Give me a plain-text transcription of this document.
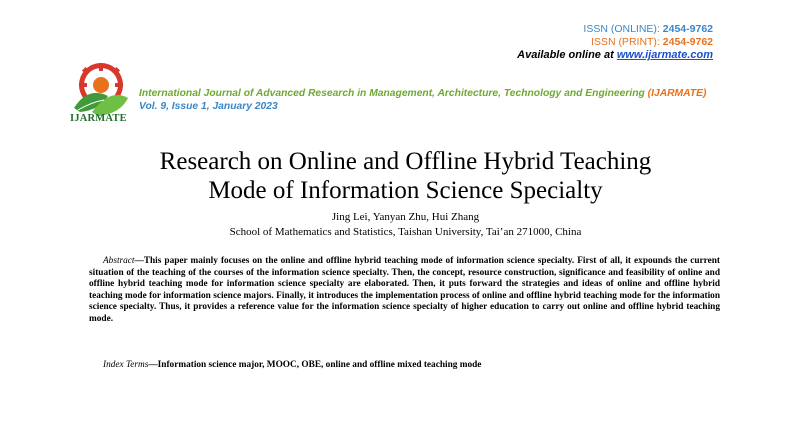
ISSN (ONLINE): 2454-9762
ISSN (PRINT): 2454-9762
Available online at www.ijarmate.com
IJARMATE
International Journal of Advanced Research in Management, Architecture, Technology and Engineering (IJARMATE)
Vol. 9, Issue 1, January 2023
Research on Online and Offline Hybrid Teaching
Mode of Information Science Specialty
Jing Lei, Yanyan Zhu, Hui Zhang
School of Mathematics and Statistics, Taishan University, Tai’an 271000, China
Abstract—This paper mainly focuses on the online and offline hybrid teaching mode of information science specialty. First of all, it expounds the current situation of the teaching of the courses of the information science specialty. Then, the concept, resource construction, significance and feasibility of online and offline hybrid teaching mode for information science specialty are elaborated. Then, it puts forward the strategies and ideas of online and offline hybrid teaching mode for information science majors. Finally, it introduces the implementation process of online and offline hybrid teaching mode for the information science specialty. Thus, it provides a reference value for the information science specialty of higher education to carry out online and offline hybrid teaching mode.
Index Terms—Information science major, MOOC, OBE, online and offline mixed teaching mode
